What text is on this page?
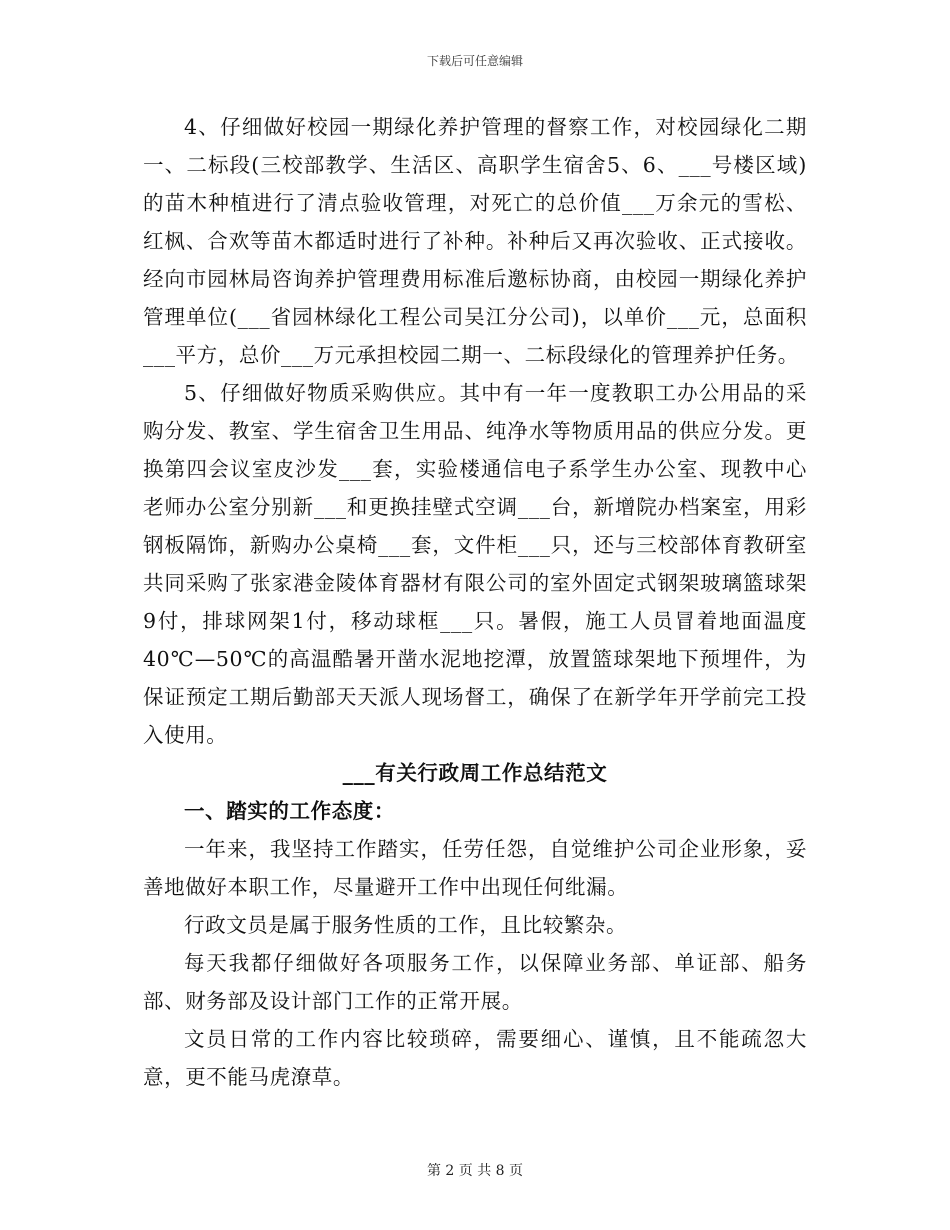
下载后可任意编辑

4、仔细做好校园一期绿化养护管理的督察工作，对校园绿化二期一、二标段(三校部教学、生活区、高职学生宿舍5、6、___号楼区域)的苗木种植进行了清点验收管理，对死亡的总价值___万余元的雪松、红枫、合欢等苗木都适时进行了补种。补种后又再次验收、正式接收。经向市园林局咨询养护管理费用标准后邀标协商，由校园一期绿化养护管理单位(___省园林绿化工程公司吴江分公司)，以单价___元，总面积___平方，总价___万元承担校园二期一、二标段绿化的管理养护任务。

5、仔细做好物质采购供应。其中有一年一度教职工办公用品的采购分发、教室、学生宿舍卫生用品、纯净水等物质用品的供应分发。更换第四会议室皮沙发___套，实验楼通信电子系学生办公室、现教中心老师办公室分别新___和更换挂壁式空调___台，新增院办档案室，用彩钢板隔饰，新购办公桌椅___套，文件柜___只，还与三校部体育教研室共同采购了张家港金陵体育器材有限公司的室外固定式钢架玻璃篮球架9付，排球网架1付，移动球框___只。暑假，施工人员冒着地面温度40℃—50℃的高温酷暑开凿水泥地挖潭，放置篮球架地下预埋件，为保证预定工期后勤部天天派人现场督工，确保了在新学年开学前完工投入使用。

___有关行政周工作总结范文

一、踏实的工作态度：

一年来，我坚持工作踏实，任劳任怨，自觉维护公司企业形象，妥善地做好本职工作，尽量避开工作中出现任何纰漏。

行政文员是属于服务性质的工作，且比较繁杂。

每天我都仔细做好各项服务工作，以保障业务部、单证部、船务部、财务部及设计部门工作的正常开展。

文员日常的工作内容比较琐碎，需要细心、谨慎，且不能疏忽大意，更不能马虎潦草。

第 2 页 共 8 页
